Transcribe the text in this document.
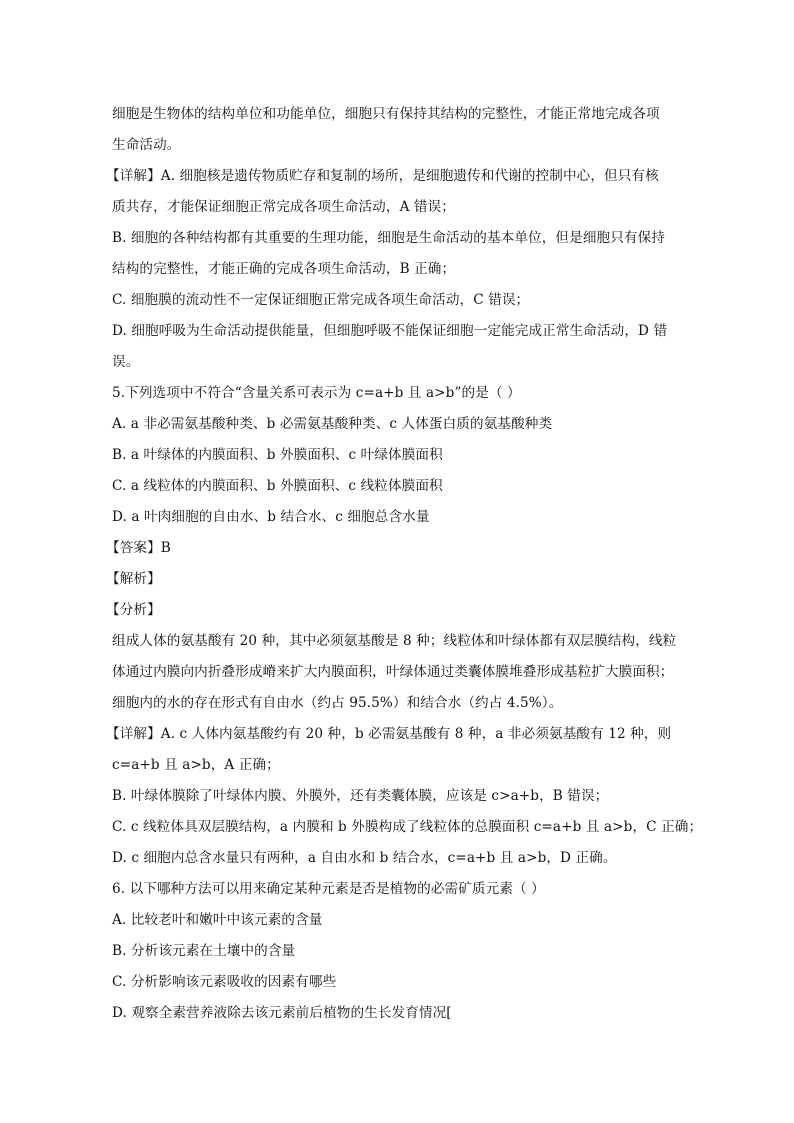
细胞是生物体的结构单位和功能单位，细胞只有保持其结构的完整性，才能正常地完成各项
生命活动。
【详解】A. 细胞核是遗传物质贮存和复制的场所，是细胞遗传和代谢的控制中心，但只有核
质共存，才能保证细胞正常完成各项生命活动，A 错误；
B. 细胞的各种结构都有其重要的生理功能，细胞是生命活动的基本单位，但是细胞只有保持
结构的完整性，才能正确的完成各项生命活动，B 正确；
C. 细胞膜的流动性不一定保证细胞正常完成各项生命活动，C 错误；
D. 细胞呼吸为生命活动提供能量，但细胞呼吸不能保证细胞一定能完成正常生命活动，D 错
误。
5.下列选项中不符合“含量关系可表示为 c=a+b 且 a>b”的是（ ）
A. a 非必需氨基酸种类、b 必需氨基酸种类、c 人体蛋白质的氨基酸种类
B. a 叶绿体的内膜面积、b 外膜面积、c 叶绿体膜面积
C. a 线粒体的内膜面积、b 外膜面积、c 线粒体膜面积
D. a 叶肉细胞的自由水、b 结合水、c 细胞总含水量
【答案】B
【解析】
【分析】
组成人体的氨基酸有 20 种，其中必须氨基酸是 8 种；线粒体和叶绿体都有双层膜结构，线粒
体通过内膜向内折叠形成嵴来扩大内膜面积，叶绿体通过类囊体膜堆叠形成基粒扩大膜面积；
细胞内的水的存在形式有自由水（约占 95.5%）和结合水（约占 4.5%）。
【详解】A. c 人体内氨基酸约有 20 种，b 必需氨基酸有 8 种，a 非必须氨基酸有 12 种，则
c=a+b 且 a>b，A 正确；
B. 叶绿体膜除了叶绿体内膜、外膜外，还有类囊体膜，应该是 c>a+b，B 错误；
C. c 线粒体具双层膜结构，a 内膜和 b 外膜构成了线粒体的总膜面积 c=a+b 且 a>b，C 正确；
D. c 细胞内总含水量只有两种，a 自由水和 b 结合水，c=a+b 且 a>b，D 正确。
6. 以下哪种方法可以用来确定某种元素是否是植物的必需矿质元素（ ）
A. 比较老叶和嫩叶中该元素的含量
B. 分析该元素在土壤中的含量
C. 分析影响该元素吸收的因素有哪些
D. 观察全素营养液除去该元素前后植物的生长发育情况[
